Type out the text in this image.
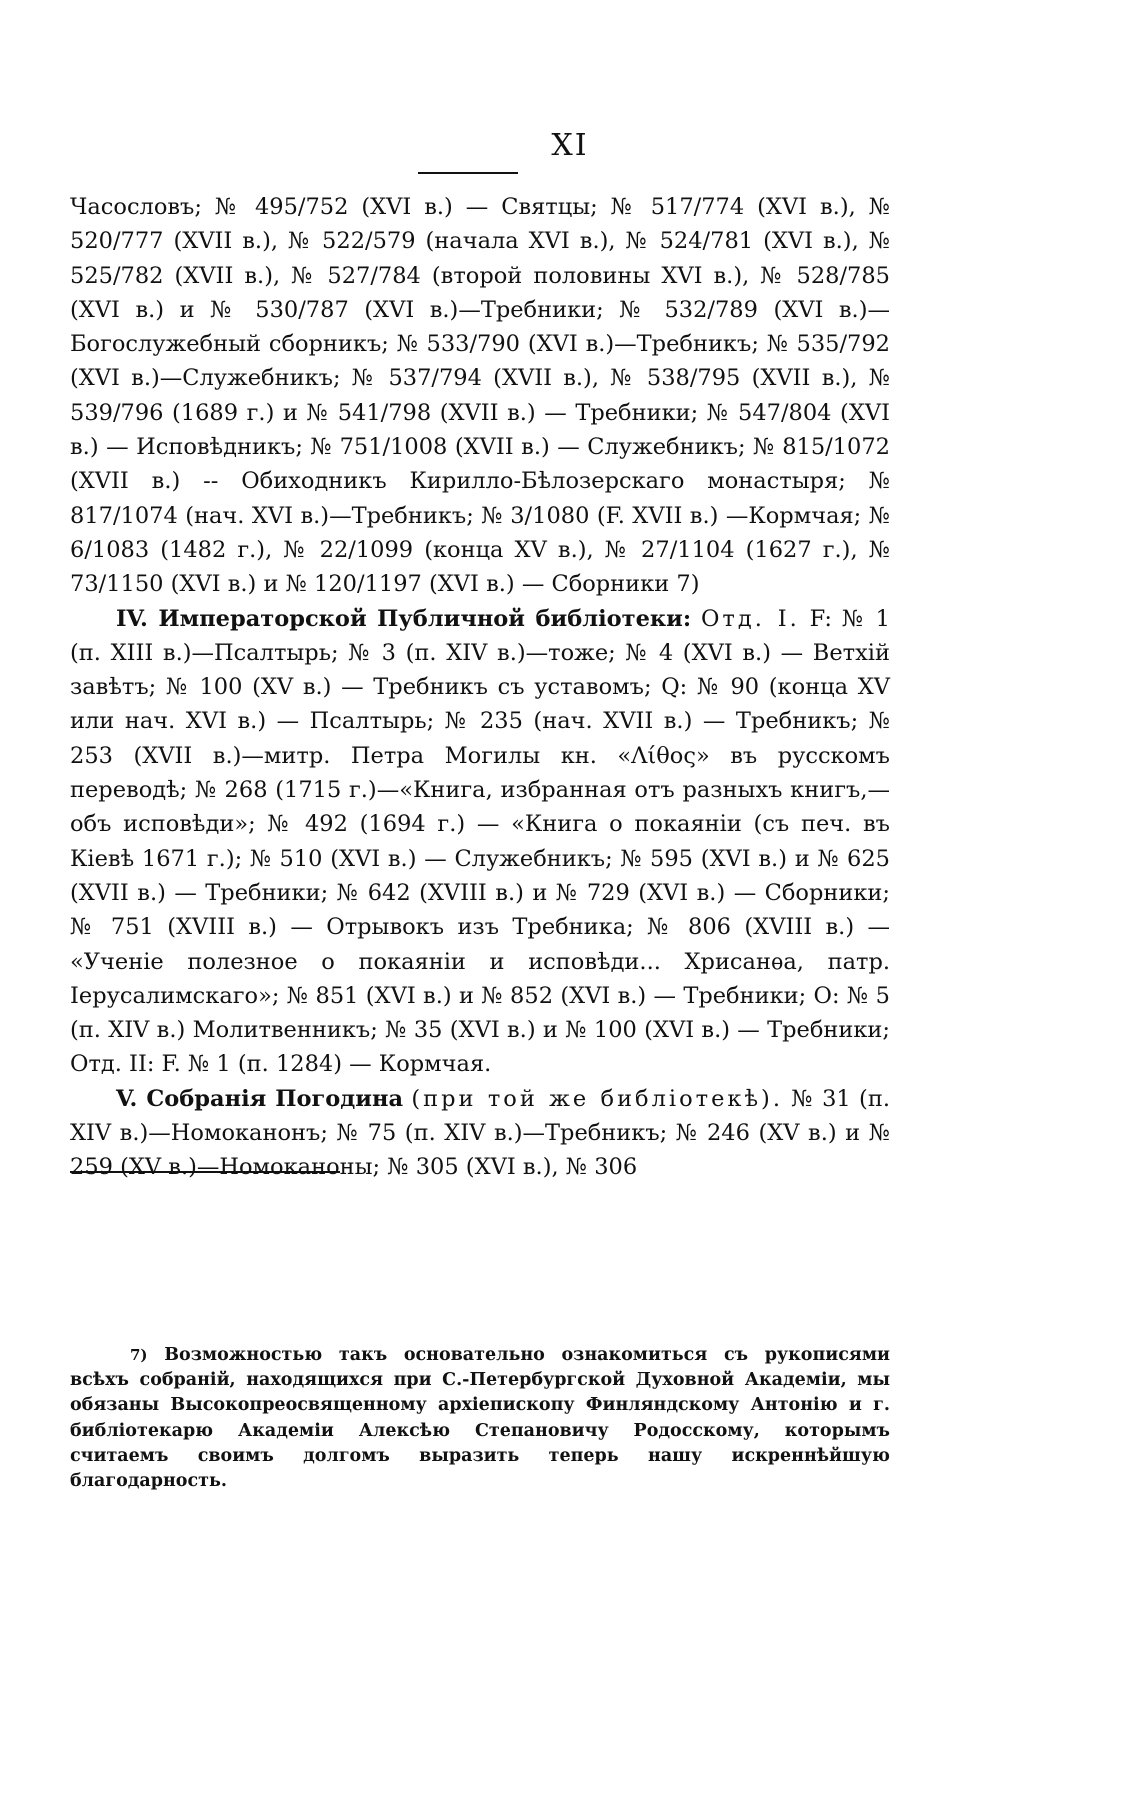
XI

Часословъ; № 495/752 (XVI в.) — Святцы; № 517/774 (XVI в.), № 520/777 (XVII в.), № 522/579 (начала XVI в.), № 524/781 (XVI в.), № 525/782 (XVII в.), № 527/784 (второй половины XVI в.), № 528/785 (XVI в.) и № 530/787 (XVI в.)—Требники; № 532/789 (XVI в.)—Богослужебный сборникъ; № 533/790 (XVI в.)—Требникъ; № 535/792 (XVI в.)—Служебникъ; № 537/794 (XVII в.), № 538/795 (XVII в.), № 539/796 (1689 г.) и № 541/798 (XVII в.) — Требники; № 547/804 (XVI в.) — Исповѣдникъ; № 751/1008 (XVII в.) — Служебникъ; № 815/1072 (XVII в.) -- Обиходникъ Кирилло-Бѣлозерскаго монастыря; № 817/1074 (нач. XVI в.)—Требникъ; № 3/1080 (F. XVII в.) —Кормчая; № 6/1083 (1482 г.), № 22/1099 (конца XV в.), № 27/1104 (1627 г.), № 73/1150 (XVI в.) и № 120/1197 (XVI в.) — Сборники 7)

IV. Императорской Публичной библіотеки: Отд. I. F: № 1 (п. XIII в.)—Псалтырь; № 3 (п. XIV в.)—тоже; № 4 (XVI в.) — Ветхій завѣтъ; № 100 (XV в.) — Требникъ съ уставомъ; Q: № 90 (конца XV или нач. XVI в.) — Псалтырь; № 235 (нач. XVII в.) — Требникъ; № 253 (XVII в.)—митр. Петра Могилы кн. «Λίθος» въ русскомъ переводѣ; № 268 (1715 г.)—«Книга, избранная отъ разныхъ книгъ,—объ исповѣди»; № 492 (1694 г.) — «Книга о покаяніи (съ печ. въ Кіевѣ 1671 г.); № 510 (XVI в.) — Служебникъ; № 595 (XVI в.) и № 625 (XVII в.) — Требники; № 642 (XVIII в.) и № 729 (XVI в.) — Сборники; № 751 (XVIII в.) — Отрывокъ изъ Требника; № 806 (XVIII в.) — «Ученіе полезное о покаяніи и исповѣди... Хрисанѳа, патр. Іерусалимскаго»; № 851 (XVI в.) и № 852 (XVI в.) — Требники; O: № 5 (п. XIV в.) Молитвенникъ; № 35 (XVI в.) и № 100 (XVI в.) — Требники; Отд. II: F. № 1 (п. 1284) — Кормчая.

V. Собранія Погодина (при той же библіотекѣ). № 31 (п. XIV в.)—Номоканонъ; № 75 (п. XIV в.)—Требникъ; № 246 (XV в.) и № 259 (XV в.)—Номоканоны; № 305 (XVI в.), № 306

7) Возможностью такъ основательно ознакомиться съ рукописями всѣхъ собраній, находящихся при С.-Петербургской Духовной Академіи, мы обязаны Высокопреосвященному архіепископу Финляндскому Антонію и г. библіотекарю Академіи Алексѣю Степановичу Родосскому, которымъ считаемъ своимъ долгомъ выразить теперь нашу искреннѣйшую благодарность.
